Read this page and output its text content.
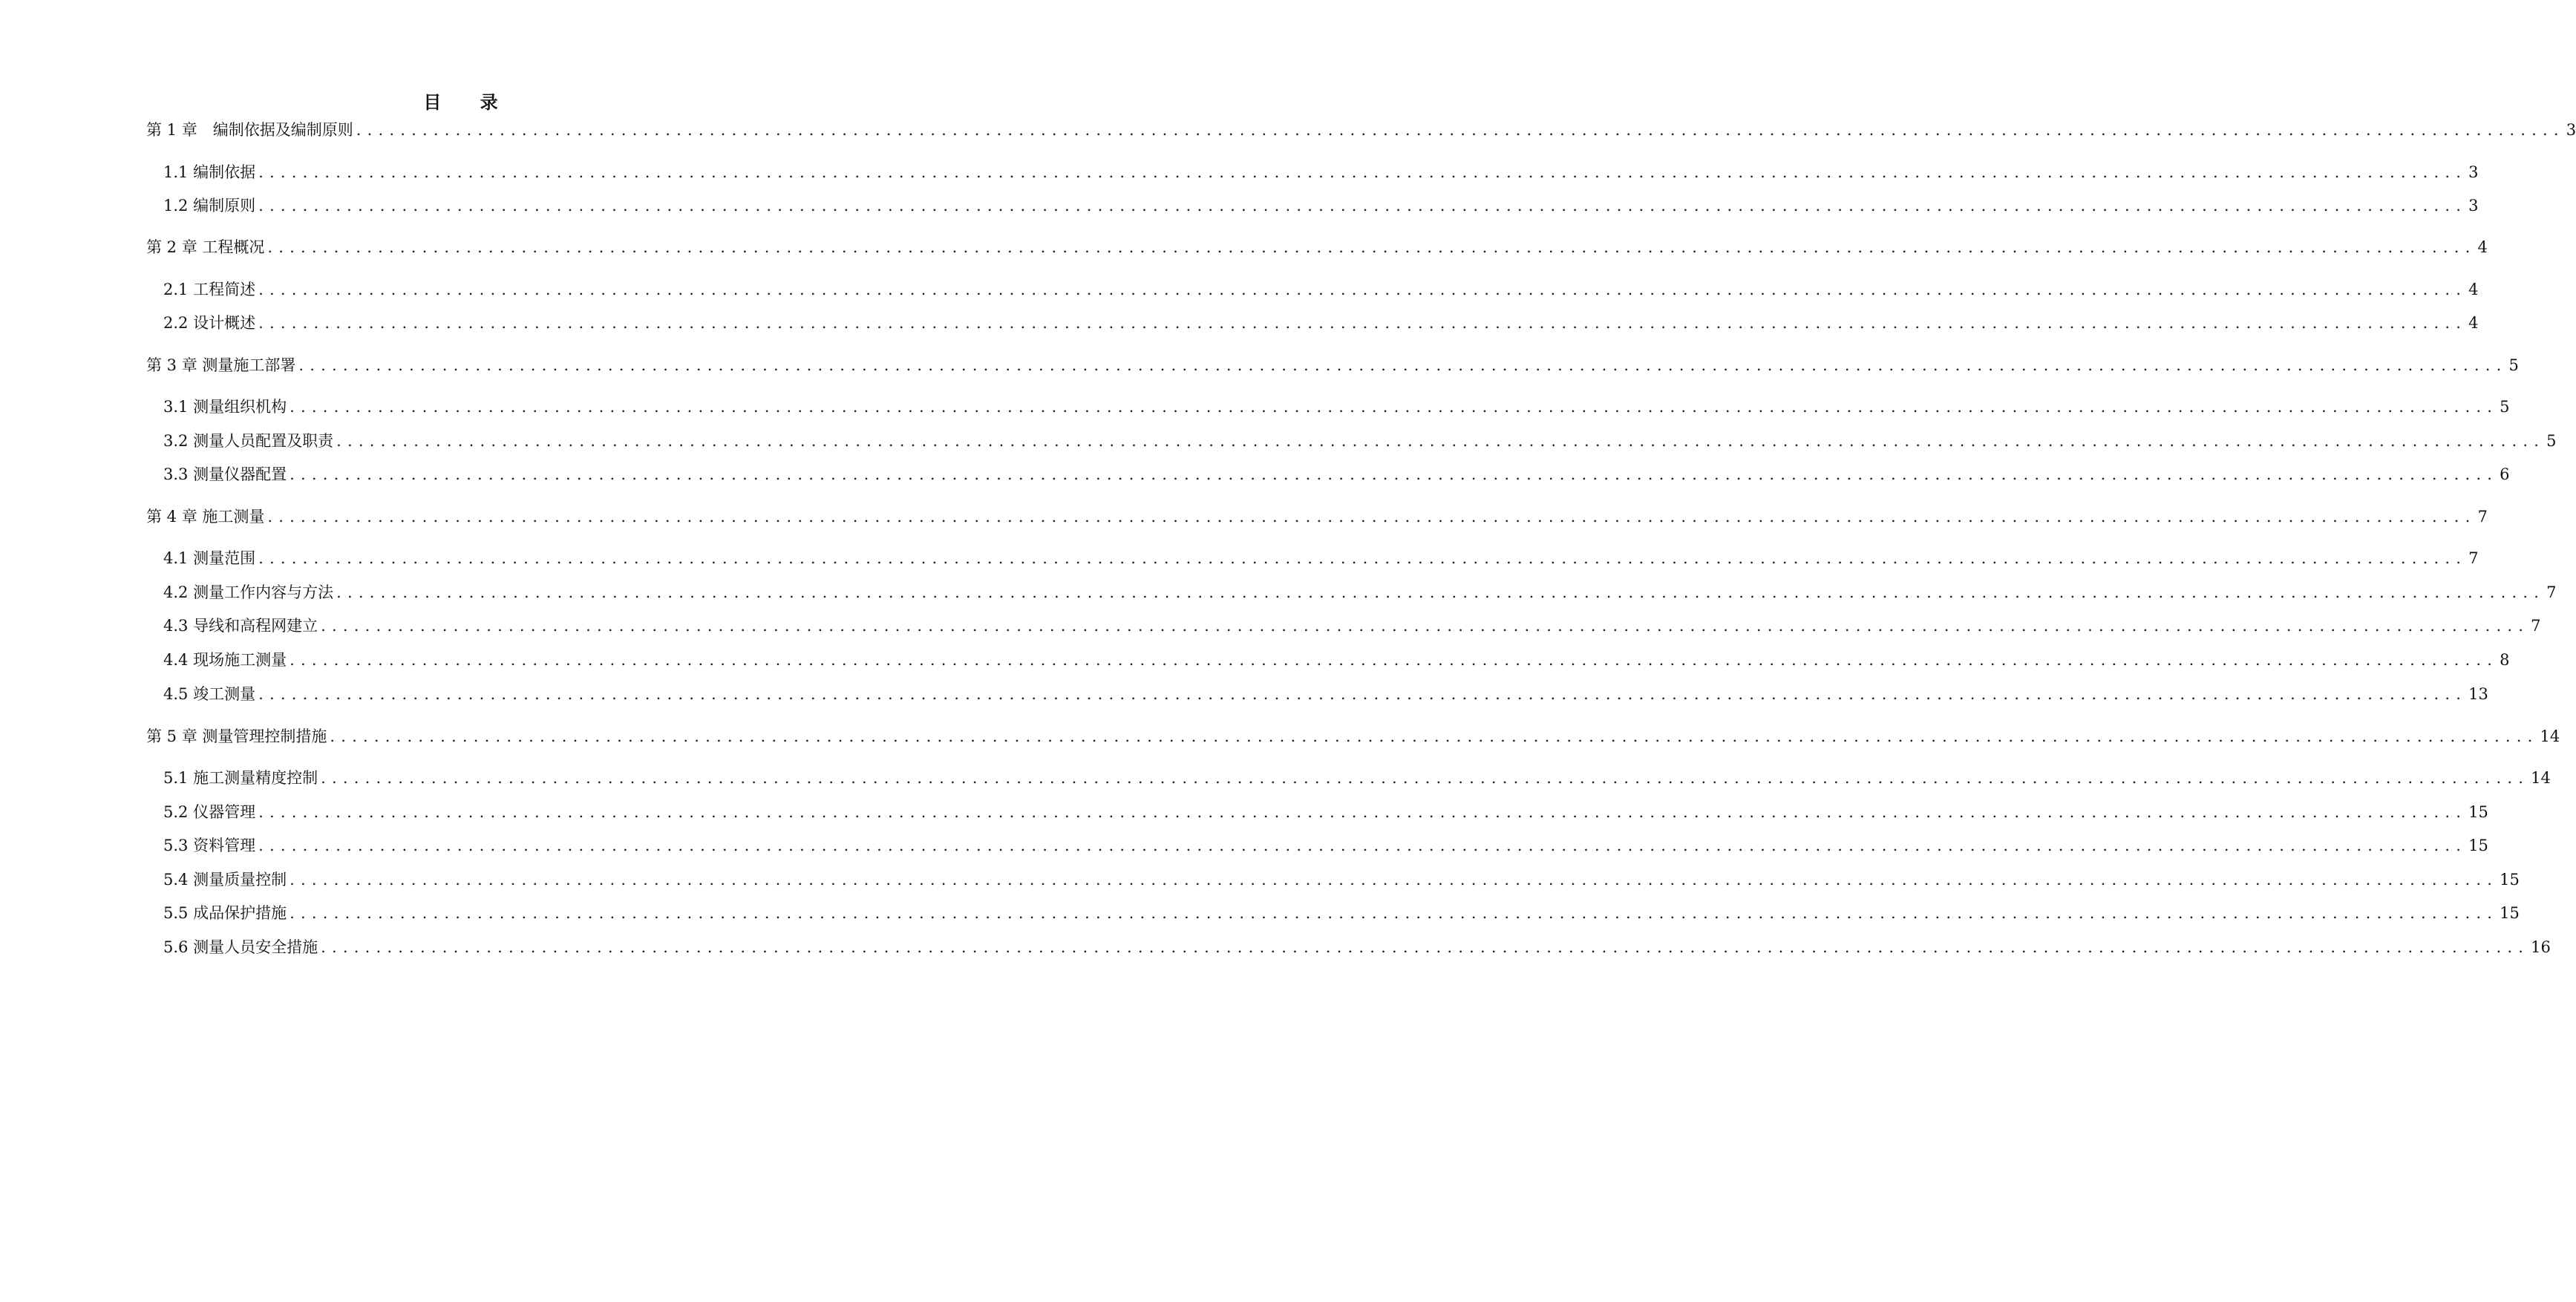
目 录
第 1 章　编制依据及编制原则 ........................................................................................................................................................................................................ 3
1.1 编制依据 ........................................................................................................................................................................................................ 3
1.2 编制原则 ........................................................................................................................................................................................................ 3
第 2 章 工程概况 ........................................................................................................................................................................................................ 4
2.1 工程简述 ........................................................................................................................................................................................................ 4
2.2 设计概述 ........................................................................................................................................................................................................ 4
第 3 章 测量施工部署 ........................................................................................................................................................................................................ 5
3.1 测量组织机构 ........................................................................................................................................................................................................ 5
3.2 测量人员配置及职责 ........................................................................................................................................................................................................ 5
3.3 测量仪器配置 ........................................................................................................................................................................................................ 6
第 4 章 施工测量 ........................................................................................................................................................................................................ 7
4.1 测量范围 ........................................................................................................................................................................................................ 7
4.2 测量工作内容与方法 ........................................................................................................................................................................................................ 7
4.3 导线和高程网建立 ........................................................................................................................................................................................................ 7
4.4 现场施工测量 ........................................................................................................................................................................................................ 8
4.5 竣工测量 ........................................................................................................................................................................................................ 13
第 5 章 测量管理控制措施 ........................................................................................................................................................................................................ 14
5.1 施工测量精度控制 ........................................................................................................................................................................................................ 14
5.2 仪器管理 ........................................................................................................................................................................................................ 15
5.3 资料管理 ........................................................................................................................................................................................................ 15
5.4 测量质量控制 ........................................................................................................................................................................................................ 15
5.5 成品保护措施 ........................................................................................................................................................................................................ 15
5.6 测量人员安全措施 ........................................................................................................................................................................................................ 16
